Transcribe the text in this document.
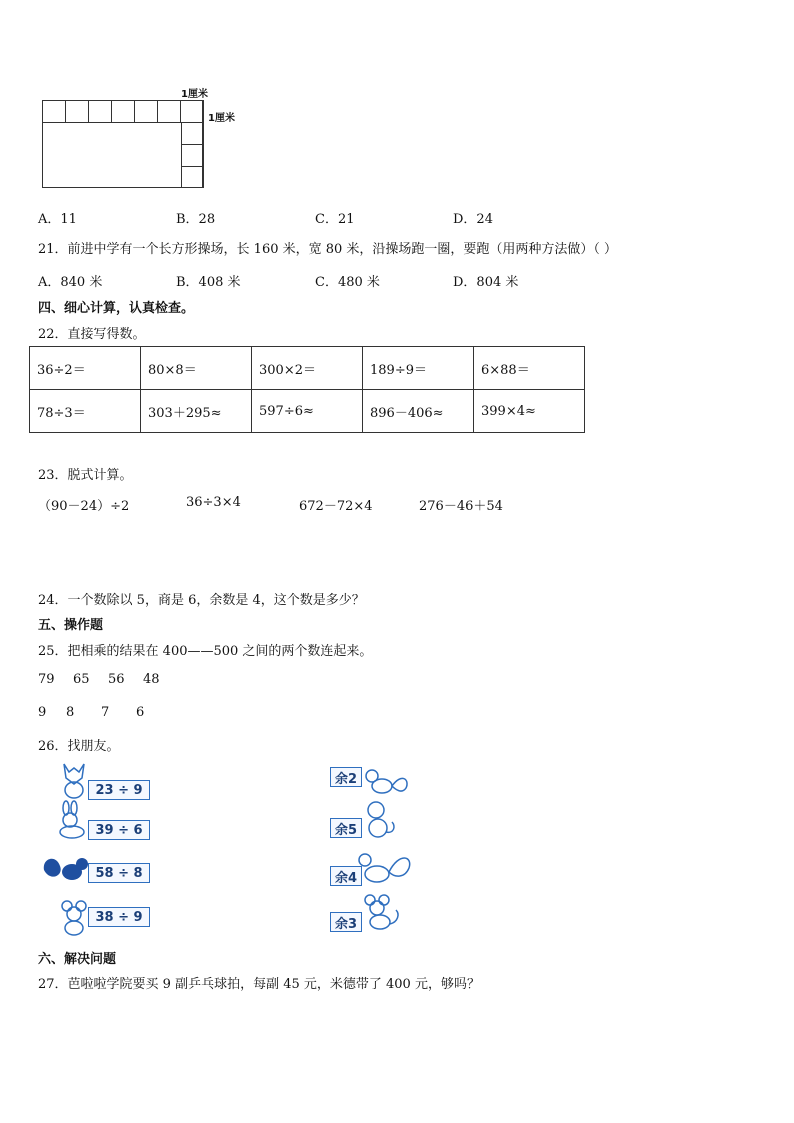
1厘米
1厘米
A．11	B．28	C．21	D．24
21．前进中学有一个长方形操场，长 160 米，宽 80 米，沿操场跑一圈，要跑（用两种方法做）（ ）
A．840 米	B．408 米	C．480 米	D．804 米
四、细心计算，认真检查。
22．直接写得数。
36÷2＝	80×8＝	300×2＝	189÷9＝	6×88＝
78÷3＝	303＋295≈	597÷6≈	896－406≈	399×4≈
23．脱式计算。
（90－24）÷2	36÷3×4	672－72×4	276－46＋54
24．一个数除以 5，商是 6，余数是 4，这个数是多少？
五、操作题
25．把相乘的结果在 400——500 之间的两个数连起来。
79 65 56 48
9 8 7 6
26．找朋友。
23 ÷ 9
39 ÷ 6
58 ÷ 8
38 ÷ 9
余2
余5
余4
余3
六、解决问题
27．芭啦啦学院要买 9 副乒乓球拍，每副 45 元，米德带了 400 元，够吗？
